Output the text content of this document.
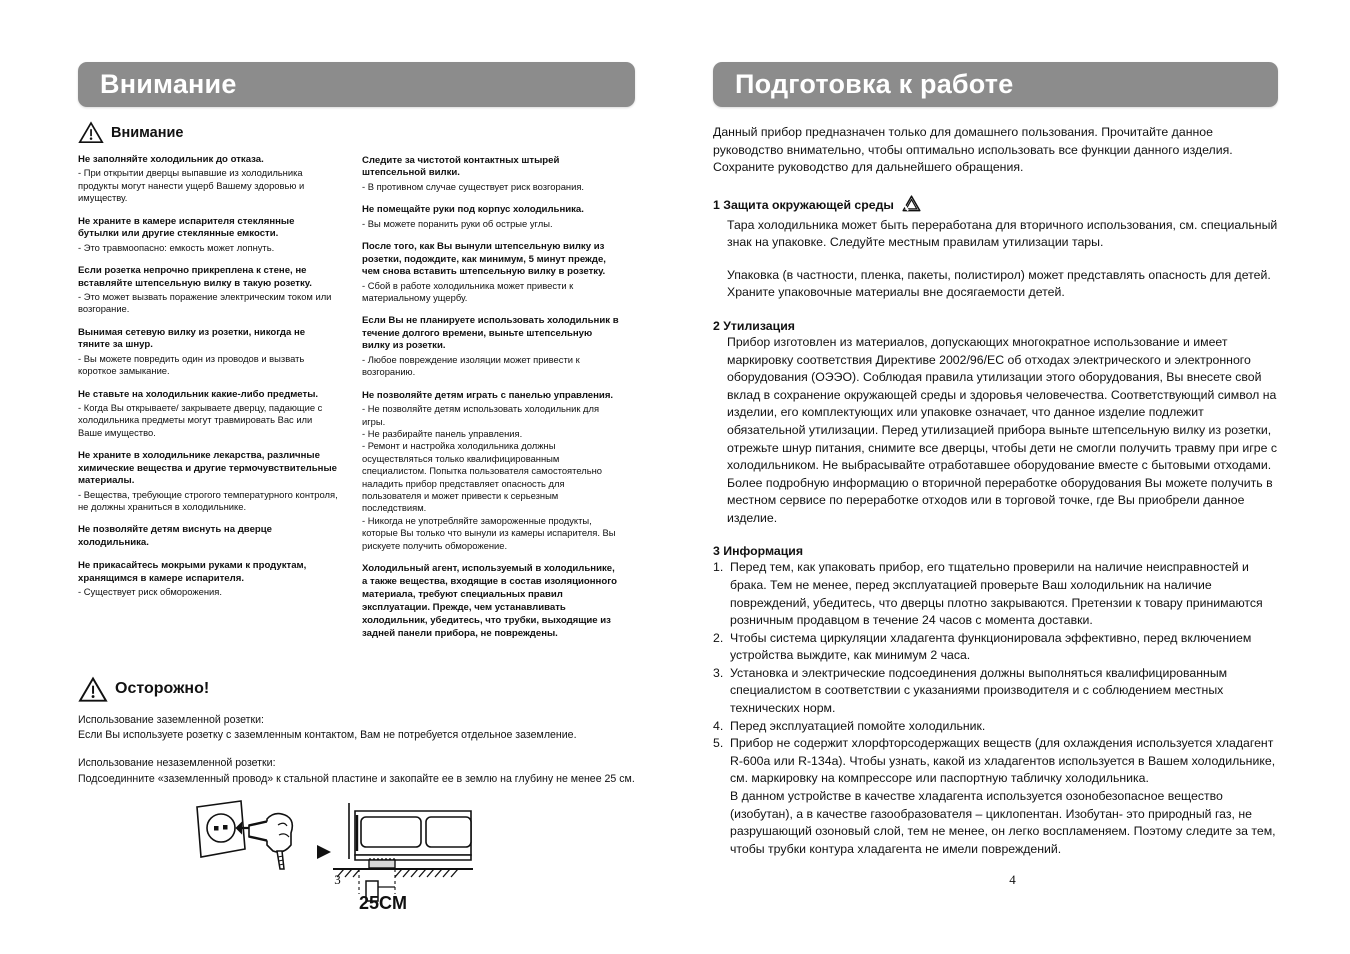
Внимание
Внимание

Не заполняйте холодильник до отказа.

- При открытии дверцы выпавшие из холодильника продукты могут нанести ущерб Вашему здоровью и имуществу.

Не храните в камере испарителя стеклянные бутылки или другие стеклянные емкости.

- Это травмоопасно: емкость может лопнуть.

Если розетка непрочно прикреплена к стене, не вставляйте штепсельную вилку в такую розетку.

- Это может вызвать поражение электрическим током или возгорание.

Вынимая сетевую вилку из розетки, никогда не тяните за шнур.

- Вы можете повредить один из проводов и вызвать короткое замыкание.

Не ставьте на холодильник какие-либо предметы.

- Когда Вы открываете/ закрываете дверцу, падающие с холодильника предметы могут травмировать Вас или Ваше имущество.

Не храните в холодильнике лекарства, различные химические вещества и другие термочувствительные материалы.

- Вещества, требующие строгого температурного контроля, не должны храниться в холодильнике.

Не позволяйте детям виснуть на дверце холодильника.

Не прикасайтесь мокрыми руками к продуктам, хранящимся в камере испарителя.

- Существует риск обморожения.

Следите за чистотой контактных штырей штепсельной вилки.

- В противном случае существует риск возгорания.

Не помещайте руки под корпус холодильника.

- Вы можете поранить руки об острые углы.

После того, как Вы вынули штепсельную вилку из розетки, подождите, как минимум, 5 минут прежде, чем снова вставить штепсельную вилку в розетку.

- Сбой в работе холодильника может привести к материальному ущербу.

Если Вы не планируете использовать холодильник в течение долгого времени, выньте штепсельную вилку из розетки.

- Любое повреждение изоляции может привести к возгоранию.

Не позволяйте детям играть с панелью управления.

- Не позволяйте детям использовать холодильник для игры.

- Не разбирайте панель управления.

- Ремонт и настройка холодильника должны осуществляться только квалифицированным специалистом. Попытка пользователя самостоятельно наладить прибор представляет опасность для пользователя и может привести к серьезным последствиям.

- Никогда не употребляйте замороженные продукты, которые Вы только что вынули из камеры испарителя. Вы рискуете получить обморожение.

Холодильный агент, используемый в холодильнике, а также вещества, входящие в состав изоляционного материала, требуют специальных правил эксплуатации. Прежде, чем устанавливать холодильник, убедитесь, что трубки, выходящие из задней панели прибора, не повреждены.

Осторожно!

Использование заземленной розетки:

Если Вы используете розетку с заземленным контактом, Вам не потребуется отдельное заземление.

Использование незаземленной розетки:

Подсоединните «заземленный провод» к стальной пластине и закопайте ее в землю на глубину не менее 25 см.

25CM
3
Подготовка к работе

Данный прибор предназначен только для домашнего пользования. Прочитайте данное руководство внимательно, чтобы оптимально использовать все функции данного изделия. Сохраните руководство для дальнейшего обращения.

1 Защита окружающей среды

Тара холодильника может быть переработана для вторичного использования, см. специальный знак на упаковке. Следуйте местным правилам утилизации тары.

Упаковка (в частности, пленка, пакеты, полистирол) может представлять опасность для детей. Храните упаковочные материалы вне досягаемости детей.

2 Утилизация

Прибор изготовлен из материалов, допускающих многократное использование и имеет маркировку соответствия Директиве 2002/96/EC об отходах электрического и электронного оборудования (ОЭЭО). Соблюдая правила утилизации этого оборудования, Вы внесете свой вклад в сохранение окружающей среды и здоровья человечества. Соответствующий символ на изделии, его комплектующих или упаковке означает, что данное изделие подлежит обязательной утилизации. Перед утилизацией прибора выньте штепсельную вилку из розетки, отрежьте шнур питания, снимите все дверцы, чтобы дети не смогли получить травму при игре с холодильником. Не выбрасывайте отработавшее оборудование вместе с бытовыми отходами. Более подробную информацию о вторичной переработке оборудования Вы можете получить в местном сервисе по переработке отходов или в торговой точке, где Вы приобрели данное изделие.

3 Информация
1. Перед тем, как упаковать прибор, его тщательно проверили на наличие неисправностей и брака. Тем не менее, перед эксплуатацией проверьте Ваш холодильник на наличие повреждений, убедитесь, что дверцы плотно закрываются. Претензии к товару принимаются розничным продавцом в течение 24 часов с момента доставки.
2. Чтобы система циркуляции хладагента функционировала эффективно, перед включением устройства выждите, как минимум 2 часа.
3. Установка и электрические подсоединения должны выполняться квалифицированным специалистом в соответствии с указаниями производителя и с соблюдением местных технических норм.
4. Перед эксплуатацией помойте холодильник.
5. Прибор не содержит хлорфторсодержащих веществ (для охлаждения используется хладагент R-600а или R-134а). Чтобы узнать, какой из хладагентов используется в Вашем холодильнике, см. маркировку на компрессоре или паспортную табличку холодильника.
В данном устройстве в качестве хладагента используется озонобезопасное вещество (изобутан), а в качестве газообразователя – циклопентан. Изобутан- это природный газ, не разрушающий озоновый слой, тем не менее, он легко воспламеняем. Поэтому следите за тем, чтобы трубки контура хладагента не имели повреждений.
4
